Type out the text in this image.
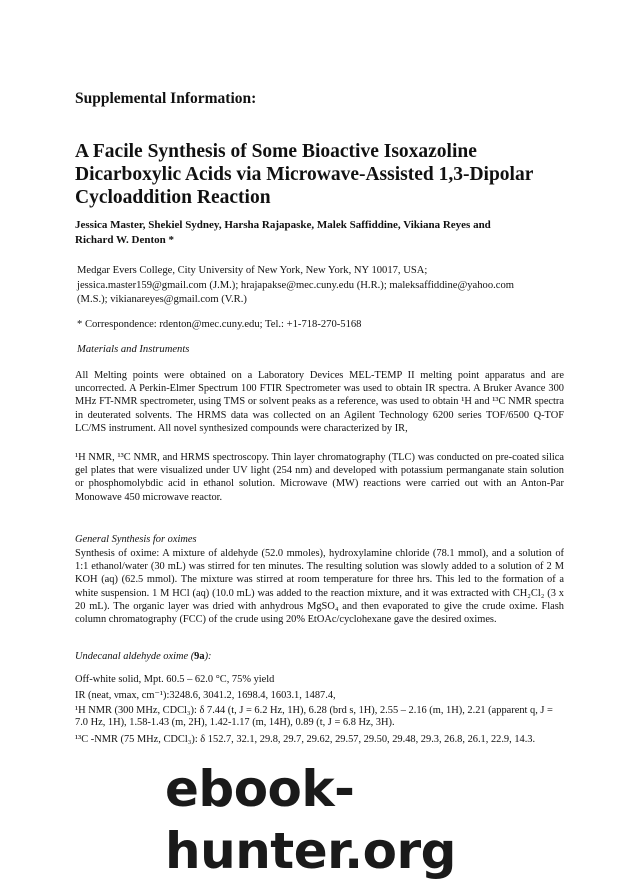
Supplemental Information:
A Facile Synthesis of Some Bioactive Isoxazoline Dicarboxylic Acids via Microwave-Assisted 1,3-Dipolar Cycloaddition Reaction
Jessica Master, Shekiel Sydney, Harsha Rajapaske, Malek Saffiddine, Vikiana Reyes and Richard W. Denton *
Medgar Evers College, City University of New York, New York, NY 10017, USA; jessica.master159@gmail.com (J.M.); hrajapakse@mec.cuny.edu (H.R.); maleksaffiddine@yahoo.com (M.S.); vikianareyes@gmail.com (V.R.)
* Correspondence: rdenton@mec.cuny.edu; Tel.: +1-718-270-5168
Materials and Instruments
All Melting points were obtained on a Laboratory Devices MEL-TEMP II melting point apparatus and are uncorrected. A Perkin-Elmer Spectrum 100 FTIR Spectrometer was used to obtain IR spectra. A Bruker Avance 300 MHz FT-NMR spectrometer, using TMS or solvent peaks as a reference, was used to obtain ¹H and ¹³C NMR spectra in deuterated solvents. The HRMS data was collected on an Agilent Technology 6200 series TOF/6500 Q-TOF LC/MS instrument. All novel synthesized compounds were characterized by IR,
¹H NMR, ¹³C NMR, and HRMS spectroscopy. Thin layer chromatography (TLC) was conducted on pre-coated silica gel plates that were visualized under UV light (254 nm) and developed with potassium permanganate stain solution or phosphomolybdic acid in ethanol solution. Microwave (MW) reactions were carried out with an Anton-Par Monowave 450 microwave reactor.
General Synthesis for oximes
Synthesis of oxime: A mixture of aldehyde (52.0 mmoles), hydroxylamine chloride (78.1 mmol), and a solution of 1:1 ethanol/water (30 mL) was stirred for ten minutes. The resulting solution was slowly added to a solution of 2 M KOH (aq) (62.5 mmol). The mixture was stirred at room temperature for three hrs. This led to the formation of a white suspension. 1 M HCl (aq) (10.0 mL) was added to the reaction mixture, and it was extracted with CH₂Cl₂ (3 x 20 mL). The organic layer was dried with anhydrous MgSO₄ and then evaporated to give the crude oxime. Flash column chromatography (FCC) of the crude using 20% EtOAc/cyclohexane gave the desired oximes.
Undecanal aldehyde oxime (9a):
Off-white solid, Mpt. 60.5 – 62.0 °C, 75% yield
IR (neat, νmax, cm⁻¹):3248.6, 3041.2, 1698.4, 1603.1, 1487.4,
¹H NMR (300 MHz, CDCl₃): δ 7.44 (t, J = 6.2 Hz, 1H), 6.28 (brd s, 1H), 2.55 – 2.16 (m, 1H), 2.21 (apparent q, J = 7.0 Hz, 1H), 1.58-1.43 (m, 2H), 1.42-1.17 (m, 14H), 0.89 (t, J = 6.8 Hz, 3H).
¹³C -NMR (75 MHz, CDCl₃): δ 152.7, 32.1, 29.8, 29.7, 29.62, 29.57, 29.50, 29.48, 29.3, 26.8, 26.1, 22.9, 14.3.
ebook-hunter.org
